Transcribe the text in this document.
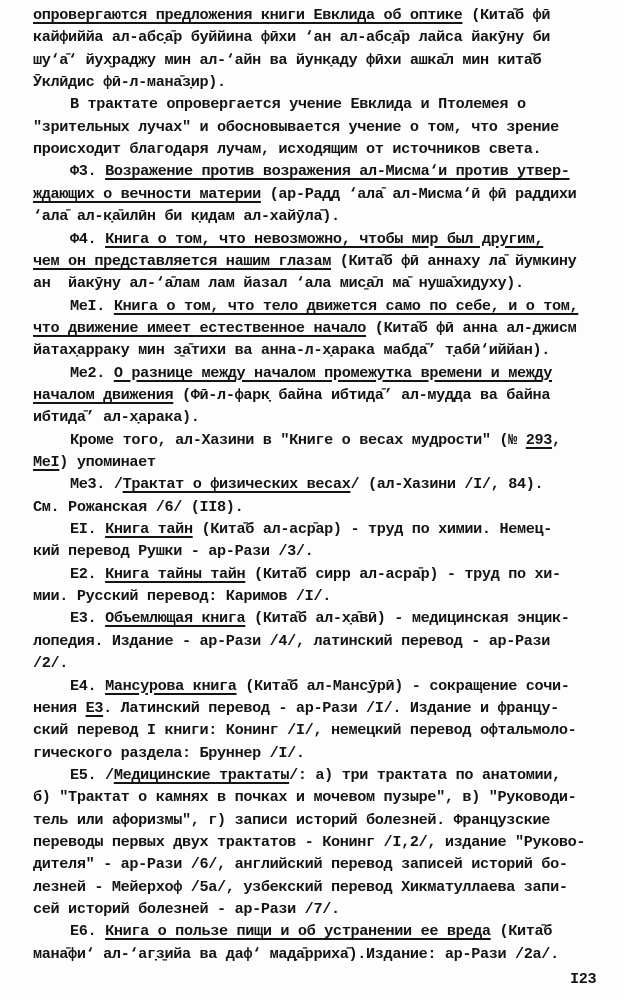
опровергаются предложения книги Евклида об оптике (Кита̄б фӣ
кайфиййа ал-абс̣а̄р буййина фӣхи ‘ан ал-абс̣а̄р лайса йакӯну би
шу‘а̄‘ йух̮раджу мин ал-‘айн ва йунк̣аду фӣхи ашка̄л мин кита̄б
Ӯклӣдис фӣ-л-мана̄з̣ир).
В трактате опровергается учение Евклида и Птолемея о
"зрительных лучах" и обосновывается учение о том, что зрение
происходит благодаря лучам, исходящим от источников света.
Ф3. Возражение против возражения ал-Мисма‘и против утвер-
ждающих о вечности материи (ар-Радд ‘ала̄ ал-Мисма‘ӣ фӣ раддихи
‘ала̄ ал-к̣а̄илӣн би к̣идам ал-хайӯла̄).
Ф4. Книга о том, что невозможно, чтобы мир был другим,
чем он представляется нашим глазам (Кита̄б фӣ аннаху ла̄ йумкину
ан  йакӯну ал-‘а̄лам лам йазал ‘ала мис̱а̄л ма̄ нуша̄хидуху).
МеI. Книга о том, что тело движется само по себе, и о том,
что движение имеет естественное начало (Кита̄б фӣ анна ал-джисм
йатах̣арраку мин з̱а̄тихи ва анна-л-х̣арака мабда̄’ т̣абӣ‘иййан).
Ме2. О разнице между началом промежутка времени и между
началом движения (Фӣ-л-фарк̣ байна ибтида̄’ ал-мудда ва байна
ибтида̄’ ал-х̣арака).
Кроме того, ал-Хазини в "Книге о весах мудрости" (№ 293,
МеI) упоминает
Ме3. /Трактат о физических весах/ (ал-Хазини /I/, 84).
См. Рожанская /6/ (II8).
ЕI. Книга тайн (Кита̄б ал-аср̄ар) - труд по химии. Немец-
кий перевод Рушки - ар-Рази /3/.
Е2. Книга тайны тайн (Кита̄б сирр ал-асра̄р) - труд по хи-
мии. Русский перевод: Каримов /I/.
Е3. Объемлющая книга (Кита̄б ал-х̣а̄вӣ) - медицинская энцик-
лопедия. Издание - ар-Рази /4/, латинский перевод - ар-Рази
/2/.
Е4. Мансурова книга (Кита̄б ал-Манс̣ӯрӣ) - сокращение сочи-
нения Е3. Латинский перевод - ар-Рази /I/. Издание и францу-
ский перевод I книги: Конинг /I/, немецкий перевод офтальмоло-
гического раздела: Бруннер /I/.
Е5. /Медицинские трактаты/: а) три трактата по анатомии,
б) "Трактат о камнях в почках и мочевом пузыре", в) "Руководи-
тель или афоризмы", г) записи историй болезней. Французские
переводы первых двух трактатов - Конинг /I,2/, издание "Руково-
дителя" - ар-Рази /6/, английский перевод записей историй бо-
лезней - Мейерхоф /5а/, узбекский перевод Хикматуллаева запи-
сей историй болезней - ар-Рази /7/.
Е6. Книга о пользе пищи и об устранении ее вреда (Кита̄б
мана̄фи‘ ал-‘аг̣з̱ийа ва даф‘ мад̣а̄рриха̄).Издание: ар-Рази /2а/.
I23
